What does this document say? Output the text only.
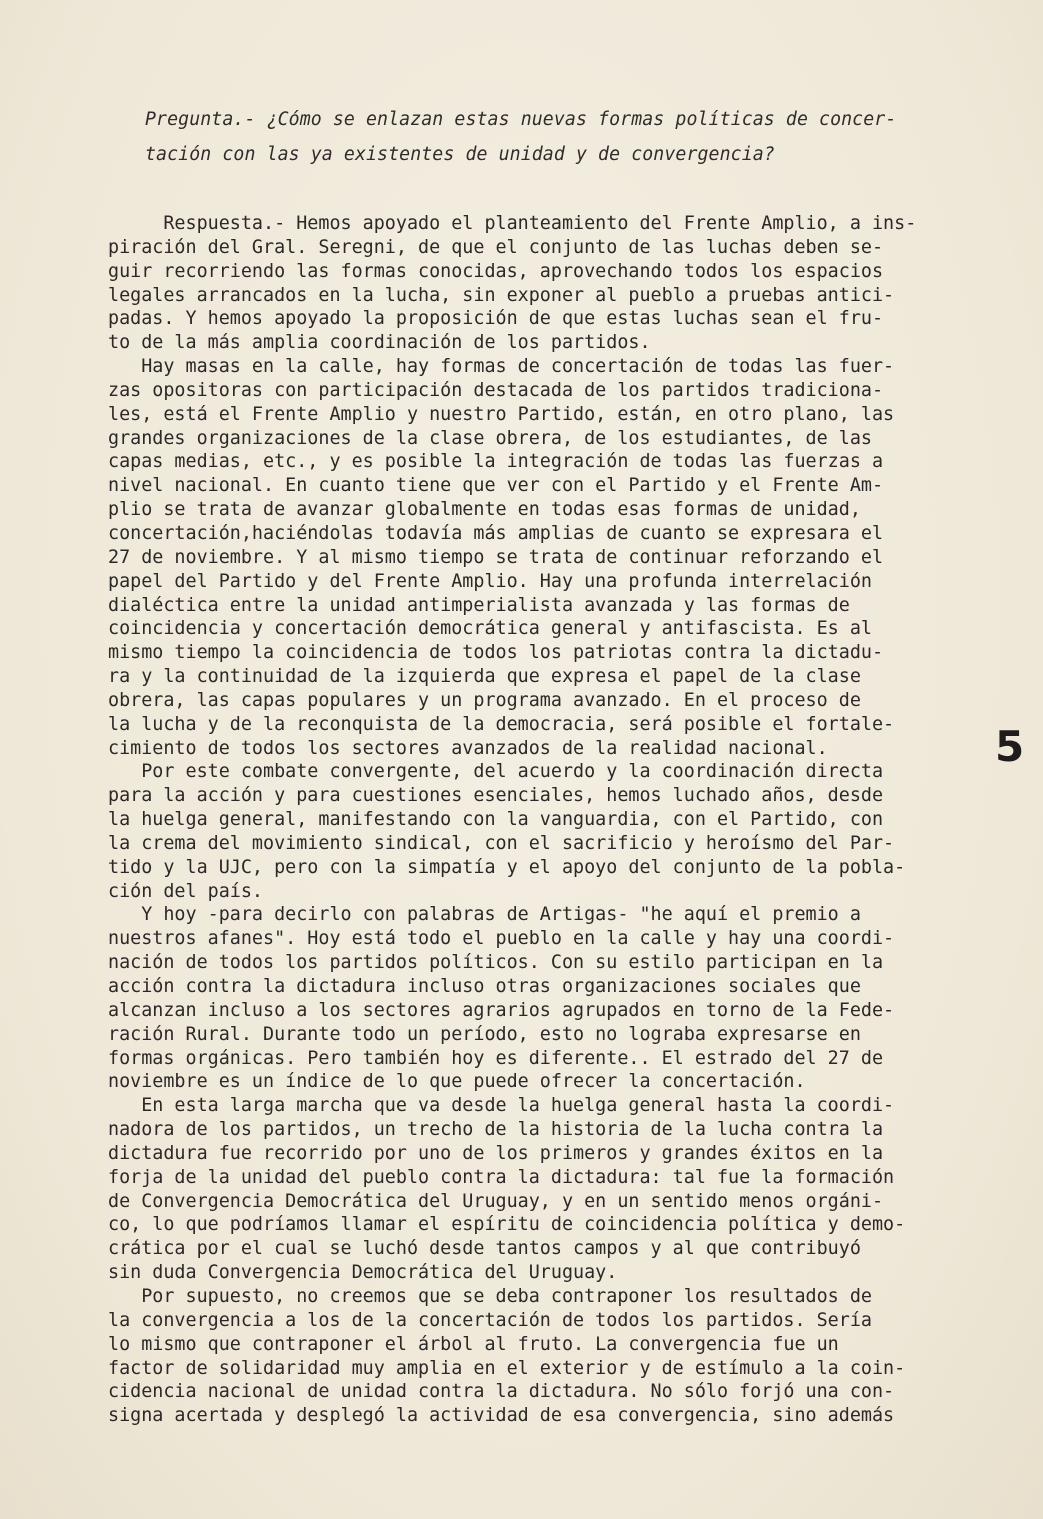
Pregunta.- ¿Cómo se enlazan estas nuevas formas políticas de concer-
tación con las ya existentes de unidad y de convergencia?
Respuesta.- Hemos apoyado el planteamiento del Frente Amplio, a ins-
piración del Gral. Seregni, de que el conjunto de las luchas deben se-
guir recorriendo las formas conocidas, aprovechando todos los espacios
legales arrancados en la lucha, sin exponer al pueblo a pruebas antici-
padas. Y hemos apoyado la proposición de que estas luchas sean el fru-
to de la más amplia coordinación de los partidos.
Hay masas en la calle, hay formas de concertación de todas las fuer-
zas opositoras con participación destacada de los partidos tradiciona-
les, está el Frente Amplio y nuestro Partido, están, en otro plano, las
grandes organizaciones de la clase obrera, de los estudiantes, de las
capas medias, etc., y es posible la integración de todas las fuerzas a
nivel nacional. En cuanto tiene que ver con el Partido y el Frente Am-
plio se trata de avanzar globalmente en todas esas formas de unidad,
concertación,haciéndolas todavía más amplias de cuanto se expresara el
27 de noviembre. Y al mismo tiempo se trata de continuar reforzando el
papel del Partido y del Frente Amplio. Hay una profunda interrelación
dialéctica entre la unidad antimperialista avanzada y las formas de
coincidencia y concertación democrática general y antifascista. Es al
mismo tiempo la coincidencia de todos los patriotas contra la dictadu-
ra y la continuidad de la izquierda que expresa el papel de la clase
obrera, las capas populares y un programa avanzado. En el proceso de
la lucha y de la reconquista de la democracia, será posible el fortale-
cimiento de todos los sectores avanzados de la realidad nacional.
Por este combate convergente, del acuerdo y la coordinación directa
para la acción y para cuestiones esenciales, hemos luchado años, desde
la huelga general, manifestando con la vanguardia, con el Partido, con
la crema del movimiento sindical, con el sacrificio y heroísmo del Par-
tido y la UJC, pero con la simpatía y el apoyo del conjunto de la pobla-
ción del país.
Y hoy -para decirlo con palabras de Artigas- "he aquí el premio a
nuestros afanes". Hoy está todo el pueblo en la calle y hay una coordi-
nación de todos los partidos políticos. Con su estilo participan en la
acción contra la dictadura incluso otras organizaciones sociales que
alcanzan incluso a los sectores agrarios agrupados en torno de la Fede-
ración Rural. Durante todo un período, esto no lograba expresarse en
formas orgánicas. Pero también hoy es diferente.. El estrado del 27 de
noviembre es un índice de lo que puede ofrecer la concertación.
En esta larga marcha que va desde la huelga general hasta la coordi-
nadora de los partidos, un trecho de la historia de la lucha contra la
dictadura fue recorrido por uno de los primeros y grandes éxitos en la
forja de la unidad del pueblo contra la dictadura: tal fue la formación
de Convergencia Democrática del Uruguay, y en un sentido menos orgáni-
co, lo que podríamos llamar el espíritu de coincidencia política y demo-
crática por el cual se luchó desde tantos campos y al que contribuyó
sin duda Convergencia Democrática del Uruguay.
Por supuesto, no creemos que se deba contraponer los resultados de
la convergencia a los de la concertación de todos los partidos. Sería
lo mismo que contraponer el árbol al fruto. La convergencia fue un
factor de solidaridad muy amplia en el exterior y de estímulo a la coin-
cidencia nacional de unidad contra la dictadura. No sólo forjó una con-
signa acertada y desplegó la actividad de esa convergencia, sino además
5
